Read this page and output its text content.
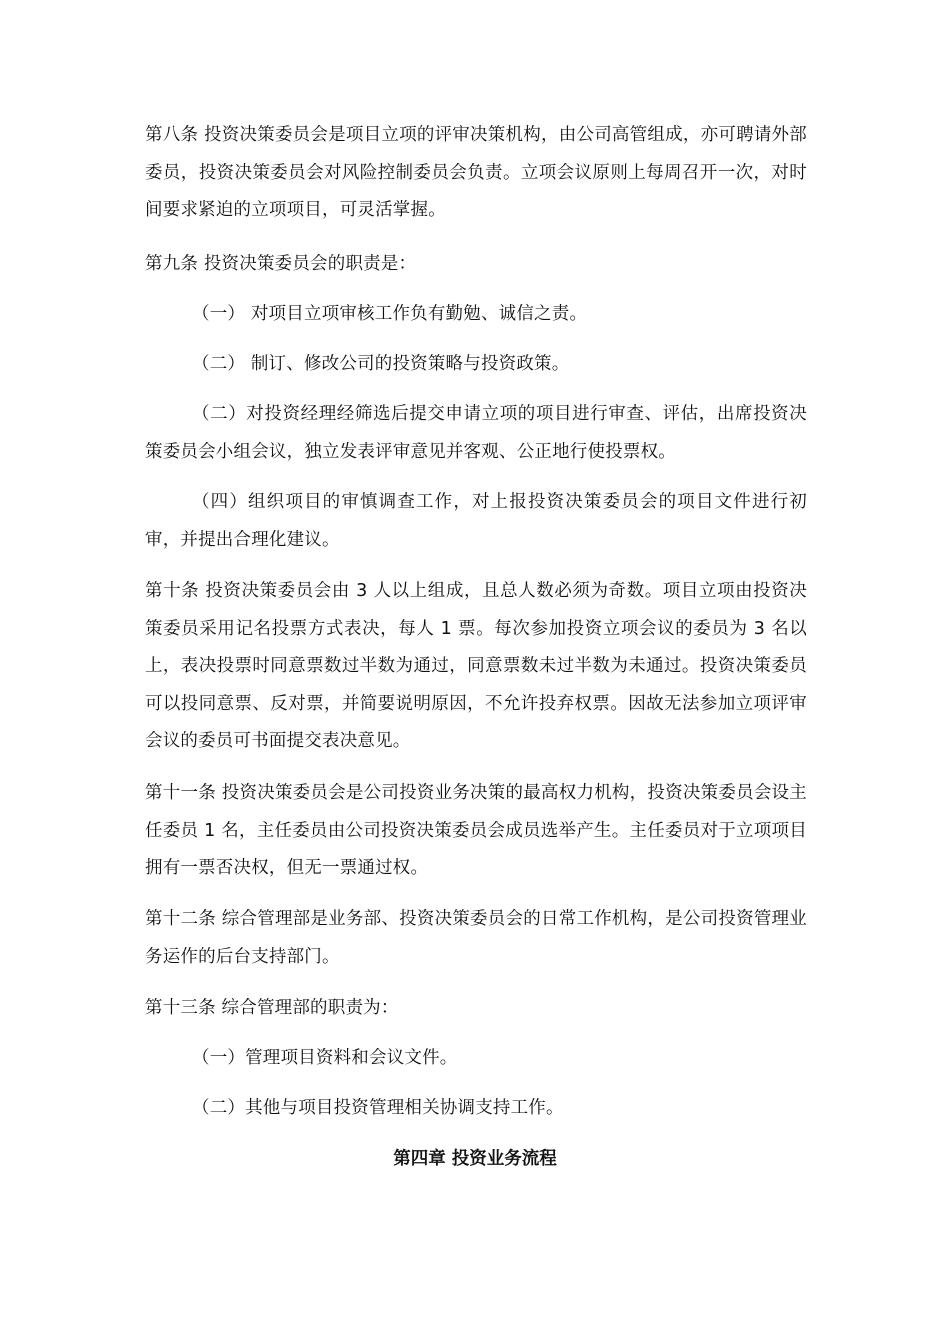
第八条 投资决策委员会是项目立项的评审决策机构，由公司高管组成，亦可聘请外部委员，投资决策委员会对风险控制委员会负责。立项会议原则上每周召开一次，对时间要求紧迫的立项项目，可灵活掌握。

第九条 投资决策委员会的职责是：

（一） 对项目立项审核工作负有勤勉、诚信之责。

（二） 制订、修改公司的投资策略与投资政策。

（二）对投资经理经筛选后提交申请立项的项目进行审查、评估，出席投资决策委员会小组会议，独立发表评审意见并客观、公正地行使投票权。

（四）组织项目的审慎调查工作，对上报投资决策委员会的项目文件进行初审，并提出合理化建议。

第十条 投资决策委员会由 3 人以上组成，且总人数必须为奇数。项目立项由投资决策委员采用记名投票方式表决，每人 1 票。每次参加投资立项会议的委员为 3 名以上，表决投票时同意票数过半数为通过，同意票数未过半数为未通过。投资决策委员可以投同意票、反对票，并简要说明原因，不允许投弃权票。因故无法参加立项评审会议的委员可书面提交表决意见。

第十一条 投资决策委员会是公司投资业务决策的最高权力机构，投资决策委员会设主任委员 1 名，主任委员由公司投资决策委员会成员选举产生。主任委员对于立项项目拥有一票否决权，但无一票通过权。

第十二条 综合管理部是业务部、投资决策委员会的日常工作机构，是公司投资管理业务运作的后台支持部门。

第十三条 综合管理部的职责为：

（一）管理项目资料和会议文件。

（二）其他与项目投资管理相关协调支持工作。

第四章 投资业务流程
